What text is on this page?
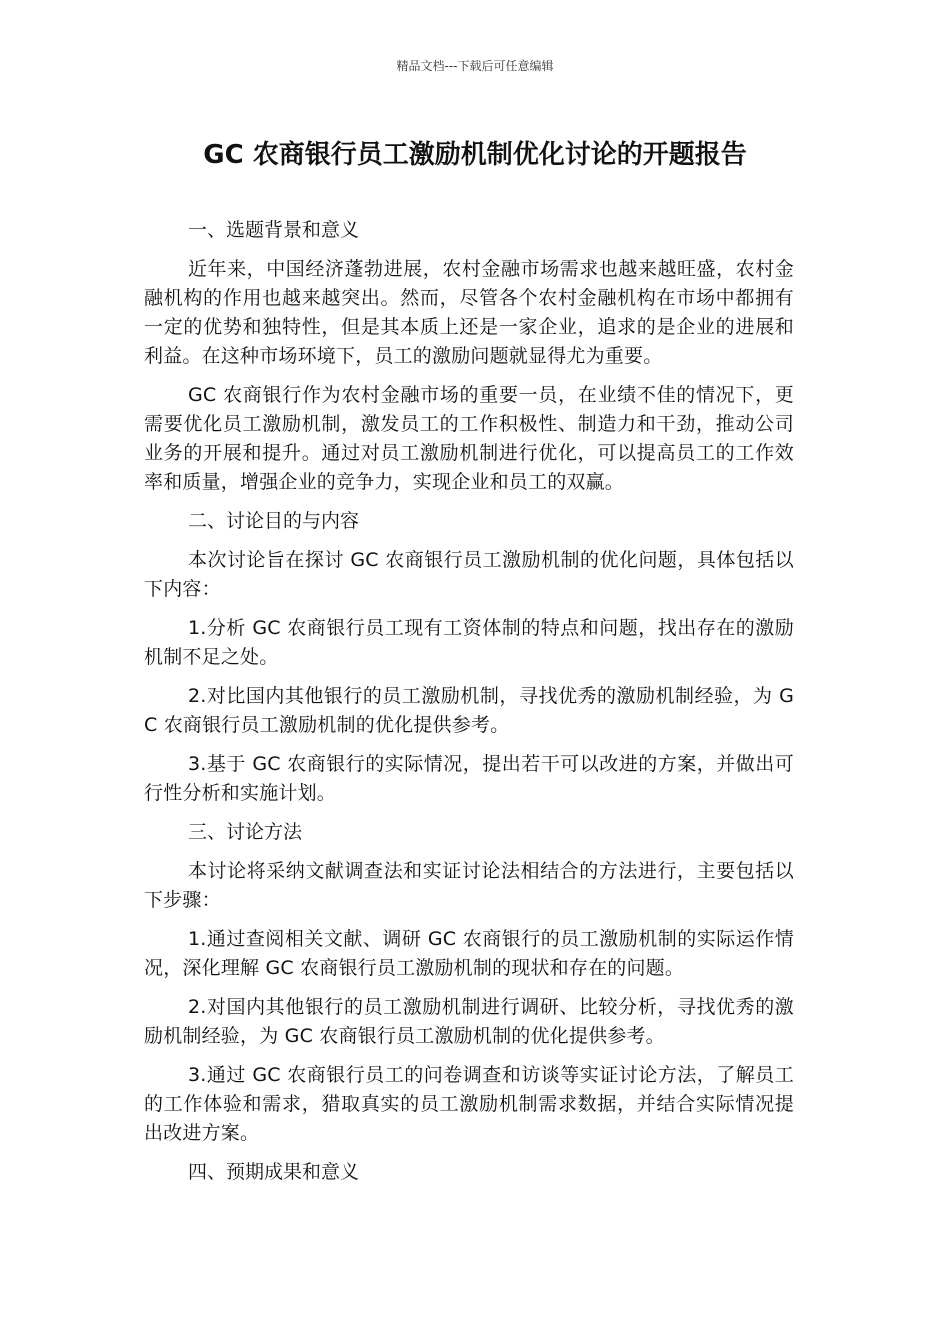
精品文档---下载后可任意编辑
GC 农商银行员工激励机制优化讨论的开题报告

一、选题背景和意义

近年来，中国经济蓬勃进展，农村金融市场需求也越来越旺盛，农村金融机构的作用也越来越突出。然而，尽管各个农村金融机构在市场中都拥有一定的优势和独特性，但是其本质上还是一家企业，追求的是企业的进展和利益。在这种市场环境下，员工的激励问题就显得尤为重要。

GC 农商银行作为农村金融市场的重要一员，在业绩不佳的情况下，更需要优化员工激励机制，激发员工的工作积极性、制造力和干劲，推动公司业务的开展和提升。通过对员工激励机制进行优化，可以提高员工的工作效率和质量，增强企业的竞争力，实现企业和员工的双赢。

二、讨论目的与内容

本次讨论旨在探讨 GC 农商银行员工激励机制的优化问题，具体包括以下内容：

1.分析 GC 农商银行员工现有工资体制的特点和问题，找出存在的激励机制不足之处。

2.对比国内其他银行的员工激励机制，寻找优秀的激励机制经验，为 GC 农商银行员工激励机制的优化提供参考。

3.基于 GC 农商银行的实际情况，提出若干可以改进的方案，并做出可行性分析和实施计划。

三、讨论方法

本讨论将采纳文献调查法和实证讨论法相结合的方法进行，主要包括以下步骤：

1.通过查阅相关文献、调研 GC 农商银行的员工激励机制的实际运作情况，深化理解 GC 农商银行员工激励机制的现状和存在的问题。

2.对国内其他银行的员工激励机制进行调研、比较分析，寻找优秀的激励机制经验，为 GC 农商银行员工激励机制的优化提供参考。

3.通过 GC 农商银行员工的问卷调查和访谈等实证讨论方法，了解员工的工作体验和需求，猎取真实的员工激励机制需求数据，并结合实际情况提出改进方案。

四、预期成果和意义
